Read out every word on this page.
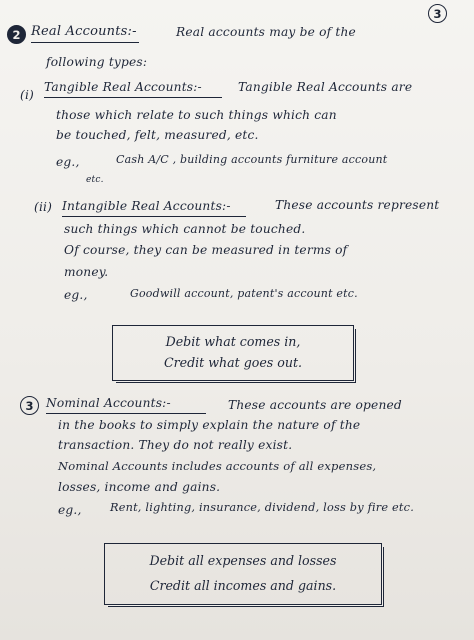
3
2 Real Accounts:-	Real accounts may be of the
following types:
(i)
Tangible Real Accounts:-	Tangible Real Accounts are
those which relate to such things which can
be touched, felt, measured, etc.
eg.,	Cash A/C , building accounts furniture account
etc.
(ii) Intangible Real Accounts:-	These accounts represent
such things which cannot be touched.
Of course, they can be measured in terms of
money.
eg.,	Goodwill account, patent's account etc.
Debit what comes in,
Credit what goes out.
3 Nominal Accounts:-	These accounts are opened
in the books to simply explain the nature of the
transaction. They do not really exist.
Nominal Accounts includes accounts of all expenses,
losses, income and gains.
eg.,	Rent, lighting, insurance, dividend, loss by fire etc.
Debit all expenses and losses
Credit all incomes and gains.
